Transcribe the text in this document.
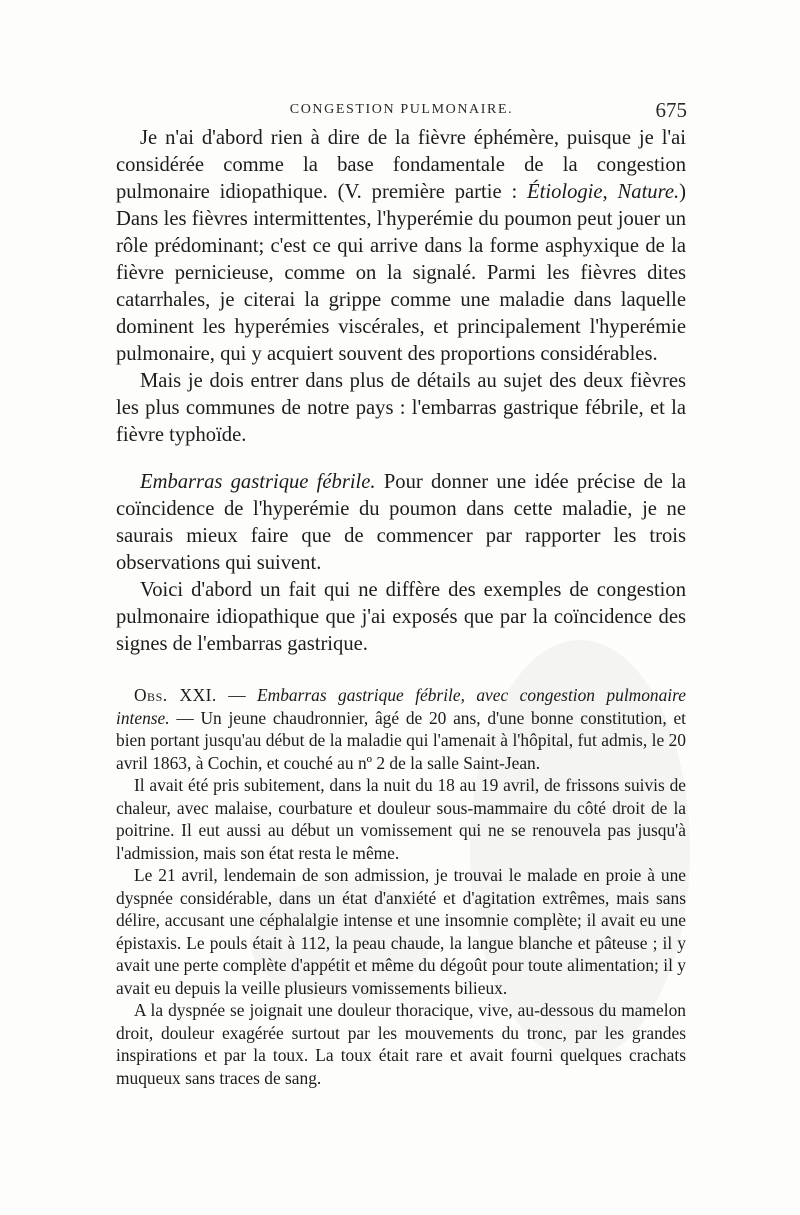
CONGESTION PULMONAIRE.	675

Je n'ai d'abord rien à dire de la fièvre éphémère, puisque je l'ai considérée comme la base fondamentale de la congestion pulmonaire idiopathique. (V. première partie : Étiologie, Nature.) Dans les fièvres intermittentes, l'hyperémie du poumon peut jouer un rôle prédominant; c'est ce qui arrive dans la forme asphyxique de la fièvre pernicieuse, comme on la signalé. Parmi les fièvres dites catarrhales, je citerai la grippe comme une maladie dans laquelle dominent les hyperémies viscérales, et principalement l'hyperémie pulmonaire, qui y acquiert souvent des proportions considérables.

Mais je dois entrer dans plus de détails au sujet des deux fièvres les plus communes de notre pays : l'embarras gastrique fébrile, et la fièvre typhoïde.

Embarras gastrique fébrile. Pour donner une idée précise de la coïncidence de l'hyperémie du poumon dans cette maladie, je ne saurais mieux faire que de commencer par rapporter les trois observations qui suivent.

Voici d'abord un fait qui ne diffère des exemples de congestion pulmonaire idiopathique que j'ai exposés que par la coïncidence des signes de l'embarras gastrique.

Obs. XXI. — Embarras gastrique fébrile, avec congestion pulmonaire intense. — Un jeune chaudronnier, âgé de 20 ans, d'une bonne constitution, et bien portant jusqu'au début de la maladie qui l'amenait à l'hôpital, fut admis, le 20 avril 1863, à Cochin, et couché au nº 2 de la salle Saint-Jean.

Il avait été pris subitement, dans la nuit du 18 au 19 avril, de frissons suivis de chaleur, avec malaise, courbature et douleur sous-mammaire du côté droit de la poitrine. Il eut aussi au début un vomissement qui ne se renouvela pas jusqu'à l'admission, mais son état resta le même.

Le 21 avril, lendemain de son admission, je trouvai le malade en proie à une dyspnée considérable, dans un état d'anxiété et d'agitation extrêmes, mais sans délire, accusant une céphalalgie intense et une insomnie complète; il avait eu une épistaxis. Le pouls était à 112, la peau chaude, la langue blanche et pâteuse ; il y avait une perte complète d'appétit et même du dégoût pour toute alimentation; il y avait eu depuis la veille plusieurs vomissements bilieux.

A la dyspnée se joignait une douleur thoracique, vive, au-dessous du mamelon droit, douleur exagérée surtout par les mouvements du tronc, par les grandes inspirations et par la toux. La toux était rare et avait fourni quelques crachats muqueux sans traces de sang.
